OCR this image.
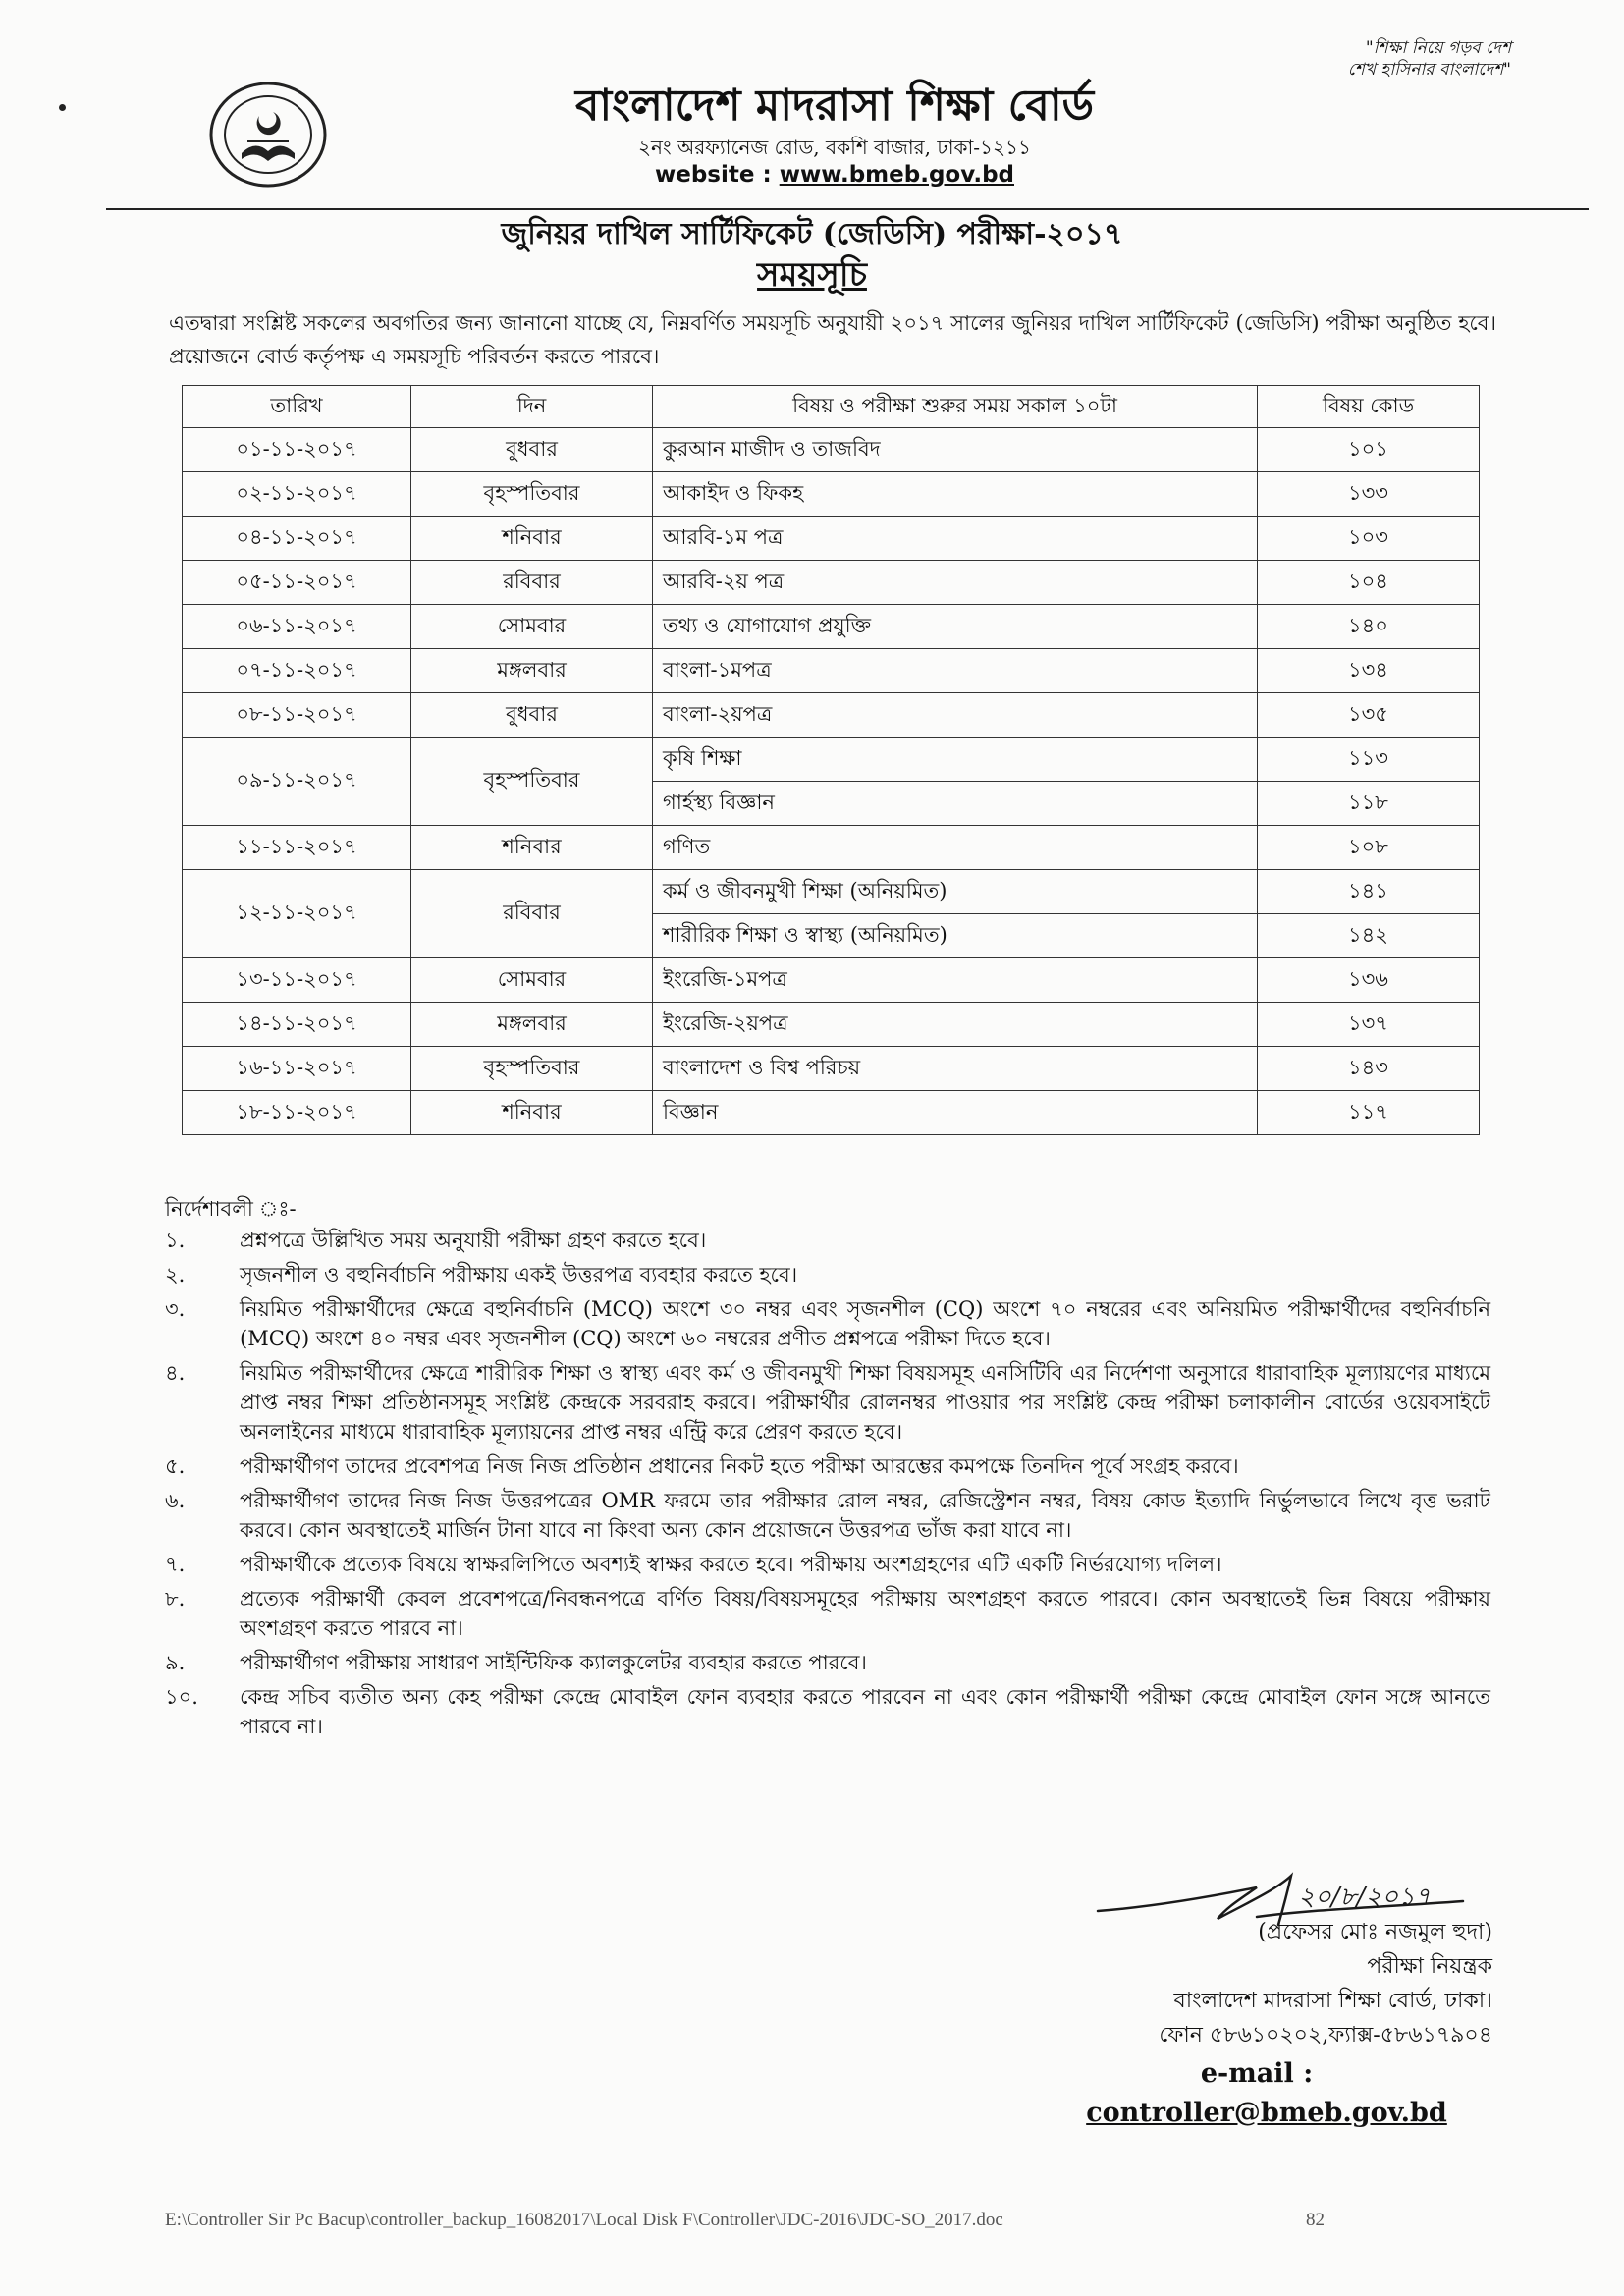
"শিক্ষা নিয়ে গড়ব দেশ
শেখ হাসিনার বাংলাদেশ"
বাংলাদেশ মাদরাসা শিক্ষা বোর্ড
২নং অরফ্যানেজ রোড, বকশি বাজার, ঢাকা-১২১১
website : www.bmeb.gov.bd
জুনিয়র দাখিল সার্টিফিকেট (জেডিসি) পরীক্ষা-২০১৭
সময়সূচি
এতদ্বারা সংশ্লিষ্ট সকলের অবগতির জন্য জানানো যাচ্ছে যে, নিম্নবর্ণিত সময়সূচি অনুযায়ী ২০১৭ সালের জুনিয়র দাখিল সার্টিফিকেট (জেডিসি) পরীক্ষা অনুষ্ঠিত হবে। প্রয়োজনে বোর্ড কর্তৃপক্ষ এ সময়সূচি পরিবর্তন করতে পারবে।
তারিখ	দিন	বিষয় ও পরীক্ষা শুরুর সময় সকাল ১০টা	বিষয় কোড
০১-১১-২০১৭	বুধবার	কুরআন মাজীদ ও তাজবিদ	১০১
০২-১১-২০১৭	বৃহস্পতিবার	আকাইদ ও ফিকহ	১৩৩
০৪-১১-২০১৭	শনিবার	আরবি-১ম পত্র	১০৩
০৫-১১-২০১৭	রবিবার	আরবি-২য় পত্র	১০৪
০৬-১১-২০১৭	সোমবার	তথ্য ও যোগাযোগ প্রযুক্তি	১৪০
০৭-১১-২০১৭	মঙ্গলবার	বাংলা-১মপত্র	১৩৪
০৮-১১-২০১৭	বুধবার	বাংলা-২য়পত্র	১৩৫
০৯-১১-২০১৭	বৃহস্পতিবার	কৃষি শিক্ষা	১১৩
		গার্হস্থ্য বিজ্ঞান	১১৮
১১-১১-২০১৭	শনিবার	গণিত	১০৮
১২-১১-২০১৭	রবিবার	কর্ম ও জীবনমুখী শিক্ষা (অনিয়মিত)	১৪১
		শারীরিক শিক্ষা ও স্বাস্থ্য (অনিয়মিত)	১৪২
১৩-১১-২০১৭	সোমবার	ইংরেজি-১মপত্র	১৩৬
১৪-১১-২০১৭	মঙ্গলবার	ইংরেজি-২য়পত্র	১৩৭
১৬-১১-২০১৭	বৃহস্পতিবার	বাংলাদেশ ও বিশ্ব পরিচয়	১৪৩
১৮-১১-২০১৭	শনিবার	বিজ্ঞান	১১৭
নির্দেশাবলী ঃ-
১.	প্রশ্নপত্রে উল্লিখিত সময় অনুযায়ী পরীক্ষা গ্রহণ করতে হবে।
২.	সৃজনশীল ও বহুনির্বাচনি পরীক্ষায় একই উত্তরপত্র ব্যবহার করতে হবে।
৩.	নিয়মিত পরীক্ষার্থীদের ক্ষেত্রে বহুনির্বাচনি (MCQ) অংশে ৩০ নম্বর এবং সৃজনশীল (CQ) অংশে ৭০ নম্বরের এবং অনিয়মিত পরীক্ষার্থীদের বহুনির্বাচনি (MCQ) অংশে ৪০ নম্বর এবং সৃজনশীল (CQ) অংশে ৬০ নম্বরের প্রণীত প্রশ্নপত্রে পরীক্ষা দিতে হবে।
৪.	নিয়মিত পরীক্ষার্থীদের ক্ষেত্রে শারীরিক শিক্ষা ও স্বাস্থ্য এবং কর্ম ও জীবনমুখী শিক্ষা বিষয়সমূহ এনসিটিবি এর নির্দেশণা অনুসারে ধারাবাহিক মূল্যায়ণের মাধ্যমে প্রাপ্ত নম্বর শিক্ষা প্রতিষ্ঠানসমূহ সংশ্লিষ্ট কেন্দ্রকে সরবরাহ করবে। পরীক্ষার্থীর রোলনম্বর পাওয়ার পর সংশ্লিষ্ট কেন্দ্র পরীক্ষা চলাকালীন বোর্ডের ওয়েবসাইটে অনলাইনের মাধ্যমে ধারাবাহিক মূল্যায়নের প্রাপ্ত নম্বর এন্ট্রি করে প্রেরণ করতে হবে।
৫.	পরীক্ষার্থীগণ তাদের প্রবেশপত্র নিজ নিজ প্রতিষ্ঠান প্রধানের নিকট হতে পরীক্ষা আরম্ভের কমপক্ষে তিনদিন পূর্বে সংগ্রহ করবে।
৬.	পরীক্ষার্থীগণ তাদের নিজ নিজ উত্তরপত্রের OMR ফরমে তার পরীক্ষার রোল নম্বর, রেজিস্ট্রেশন নম্বর, বিষয় কোড ইত্যাদি নির্ভুলভাবে লিখে বৃত্ত ভরাট করবে। কোন অবস্থাতেই মার্জিন টানা যাবে না কিংবা অন্য কোন প্রয়োজনে উত্তরপত্র ভাঁজ করা যাবে না।
৭.	পরীক্ষার্থীকে প্রত্যেক বিষয়ে স্বাক্ষরলিপিতে অবশ্যই স্বাক্ষর করতে হবে। পরীক্ষায় অংশগ্রহণের এটি একটি নির্ভরযোগ্য দলিল।
৮.	প্রত্যেক পরীক্ষার্থী কেবল প্রবেশপত্রে/নিবন্ধনপত্রে বর্ণিত বিষয়/বিষয়সমূহের পরীক্ষায় অংশগ্রহণ করতে পারবে। কোন অবস্থাতেই ভিন্ন বিষয়ে পরীক্ষায় অংশগ্রহণ করতে পারবে না।
৯.	পরীক্ষার্থীগণ পরীক্ষায় সাধারণ সাইন্টিফিক ক্যালকুলেটর ব্যবহার করতে পারবে।
১০. কেন্দ্র সচিব ব্যতীত অন্য কেহ পরীক্ষা কেন্দ্রে মোবাইল ফোন ব্যবহার করতে পারবেন না এবং কোন পরীক্ষার্থী পরীক্ষা কেন্দ্রে মোবাইল ফোন সঙ্গে আনতে পারবে না।
২০/৮/২০১৭
(প্রফেসর মোঃ নজমুল হুদা)
পরীক্ষা নিয়ন্ত্রক
বাংলাদেশ মাদরাসা শিক্ষা বোর্ড, ঢাকা।
ফোন ৫৮৬১০২০২,ফ্যাক্স-৫৮৬১৭৯০৪
e-mail :
controller@bmeb.gov.bd
E:\Controller Sir Pc Bacup\controller_backup_16082017\Local Disk F\Controller\JDC-2016\JDC-SO_2017.doc	82
